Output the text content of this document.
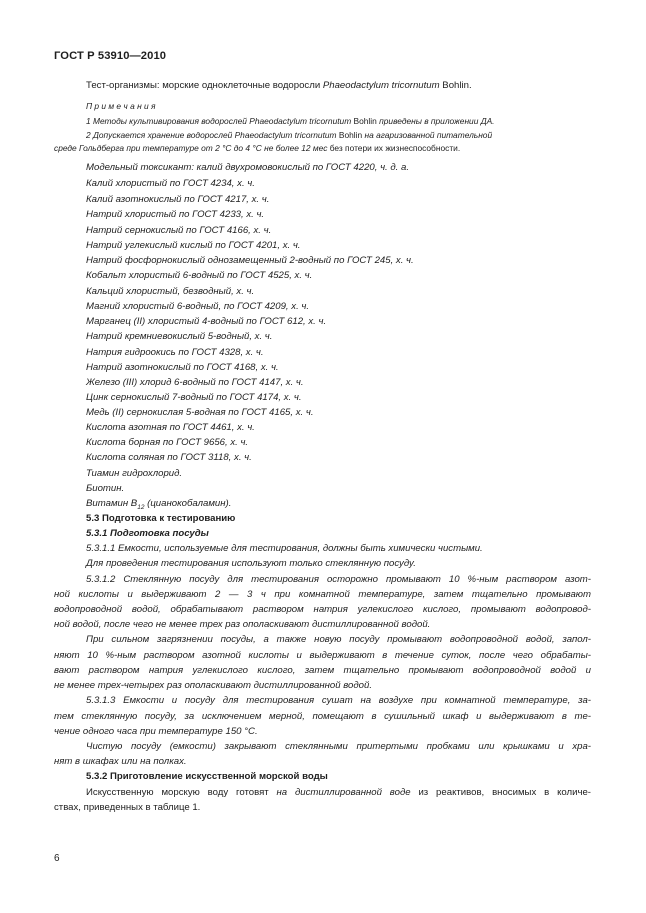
ГОСТ Р 53910—2010
Тест-организмы: морские одноклеточные водоросли Phaeodactylum tricornutum Bohlin.
П р и м е ч а н и я
1 Методы культивирования водорослей Phaeodactylum tricornutum Bohlin приведены в приложении ДА.
2 Допускается хранение водорослей Phaeodactylum tricornutum Bohlin на агаризованной питательной
среде Гольдберга при температуре от 2 °С до 4 °С не более 12 мес без потери их жизнеспособности.
Модельный токсикант: калий двухромовокислый по ГОСТ 4220, ч. д. а.
Калий хлористый по ГОСТ 4234, х. ч.
Калий азотнокислый по ГОСТ 4217, х. ч.
Натрий хлористый по ГОСТ 4233, х. ч.
Натрий сернокислый по ГОСТ 4166, х. ч.
Натрий углекислый кислый по ГОСТ 4201, х. ч.
Натрий фосфорнокислый однозамещенный 2-водный по ГОСТ 245, х. ч.
Кобальт хлористый 6-водный по ГОСТ 4525, х. ч.
Кальций хлористый, безводный, х. ч.
Магний хлористый 6-водный, по ГОСТ 4209, х. ч.
Марганец (II) хлористый 4-водный по ГОСТ 612, х. ч.
Натрий кремниевокислый 5-водный, х. ч.
Натрия гидроокись по ГОСТ 4328, х. ч.
Натрий азотнокислый по ГОСТ 4168, х. ч.
Железо (III) хлорид 6-водный по ГОСТ 4147, х. ч.
Цинк сернокислый 7-водный по ГОСТ 4174, х. ч.
Медь (II) сернокислая 5-водная по ГОСТ 4165, х. ч.
Кислота азотная по ГОСТ 4461, х. ч.
Кислота борная по ГОСТ 9656, х. ч.
Кислота соляная по ГОСТ 3118, х. ч.
Тиамин гидрохлорид.
Биотин.
Витамин $B_{12}$ (цианокобаламин).
5.3 Подготовка к тестированию
5.3.1 Подготовка посуды
5.3.1.1 Емкости, используемые для тестирования, должны быть химически чистыми.
Для проведения тестирования используют только стеклянную посуду.
5.3.1.2 Стеклянную посуду для тестирования осторожно промывают 10 %-ным раствором азот-
ной кислоты и выдерживают 2 — 3 ч при комнатной температуре, затем тщательно промывают
водопроводной водой, обрабатывают раствором натрия углекислого кислого, промывают водопровод-
ной водой, после чего не менее трех раз ополаскивают дистиллированной водой.
При сильном загрязнении посуды, а также новую посуду промывают водопроводной водой, запол-
няют 10 %-ным раствором азотной кислоты и выдерживают в течение суток, после чего обрабаты-
вают раствором натрия углекислого кислого, затем тщательно промывают водопроводной водой и
не менее трех-четырех раз ополаскивают дистиллированной водой.
5.3.1.3 Емкости и посуду для тестирования сушат на воздухе при комнатной температуре, за-
тем стеклянную посуду, за исключением мерной, помещают в сушильный шкаф и выдерживают в те-
чение одного часа при температуре 150 °С.
Чистую посуду (емкости) закрывают стеклянными притертыми пробками или крышками и хра-
нят в шкафах или на полках.
5.3.2 Приготовление искусственной морской воды
Искусственную морскую воду готовят на дистиллированной воде из реактивов, вносимых в количе-
ствах, приведенных в таблице 1.
6
